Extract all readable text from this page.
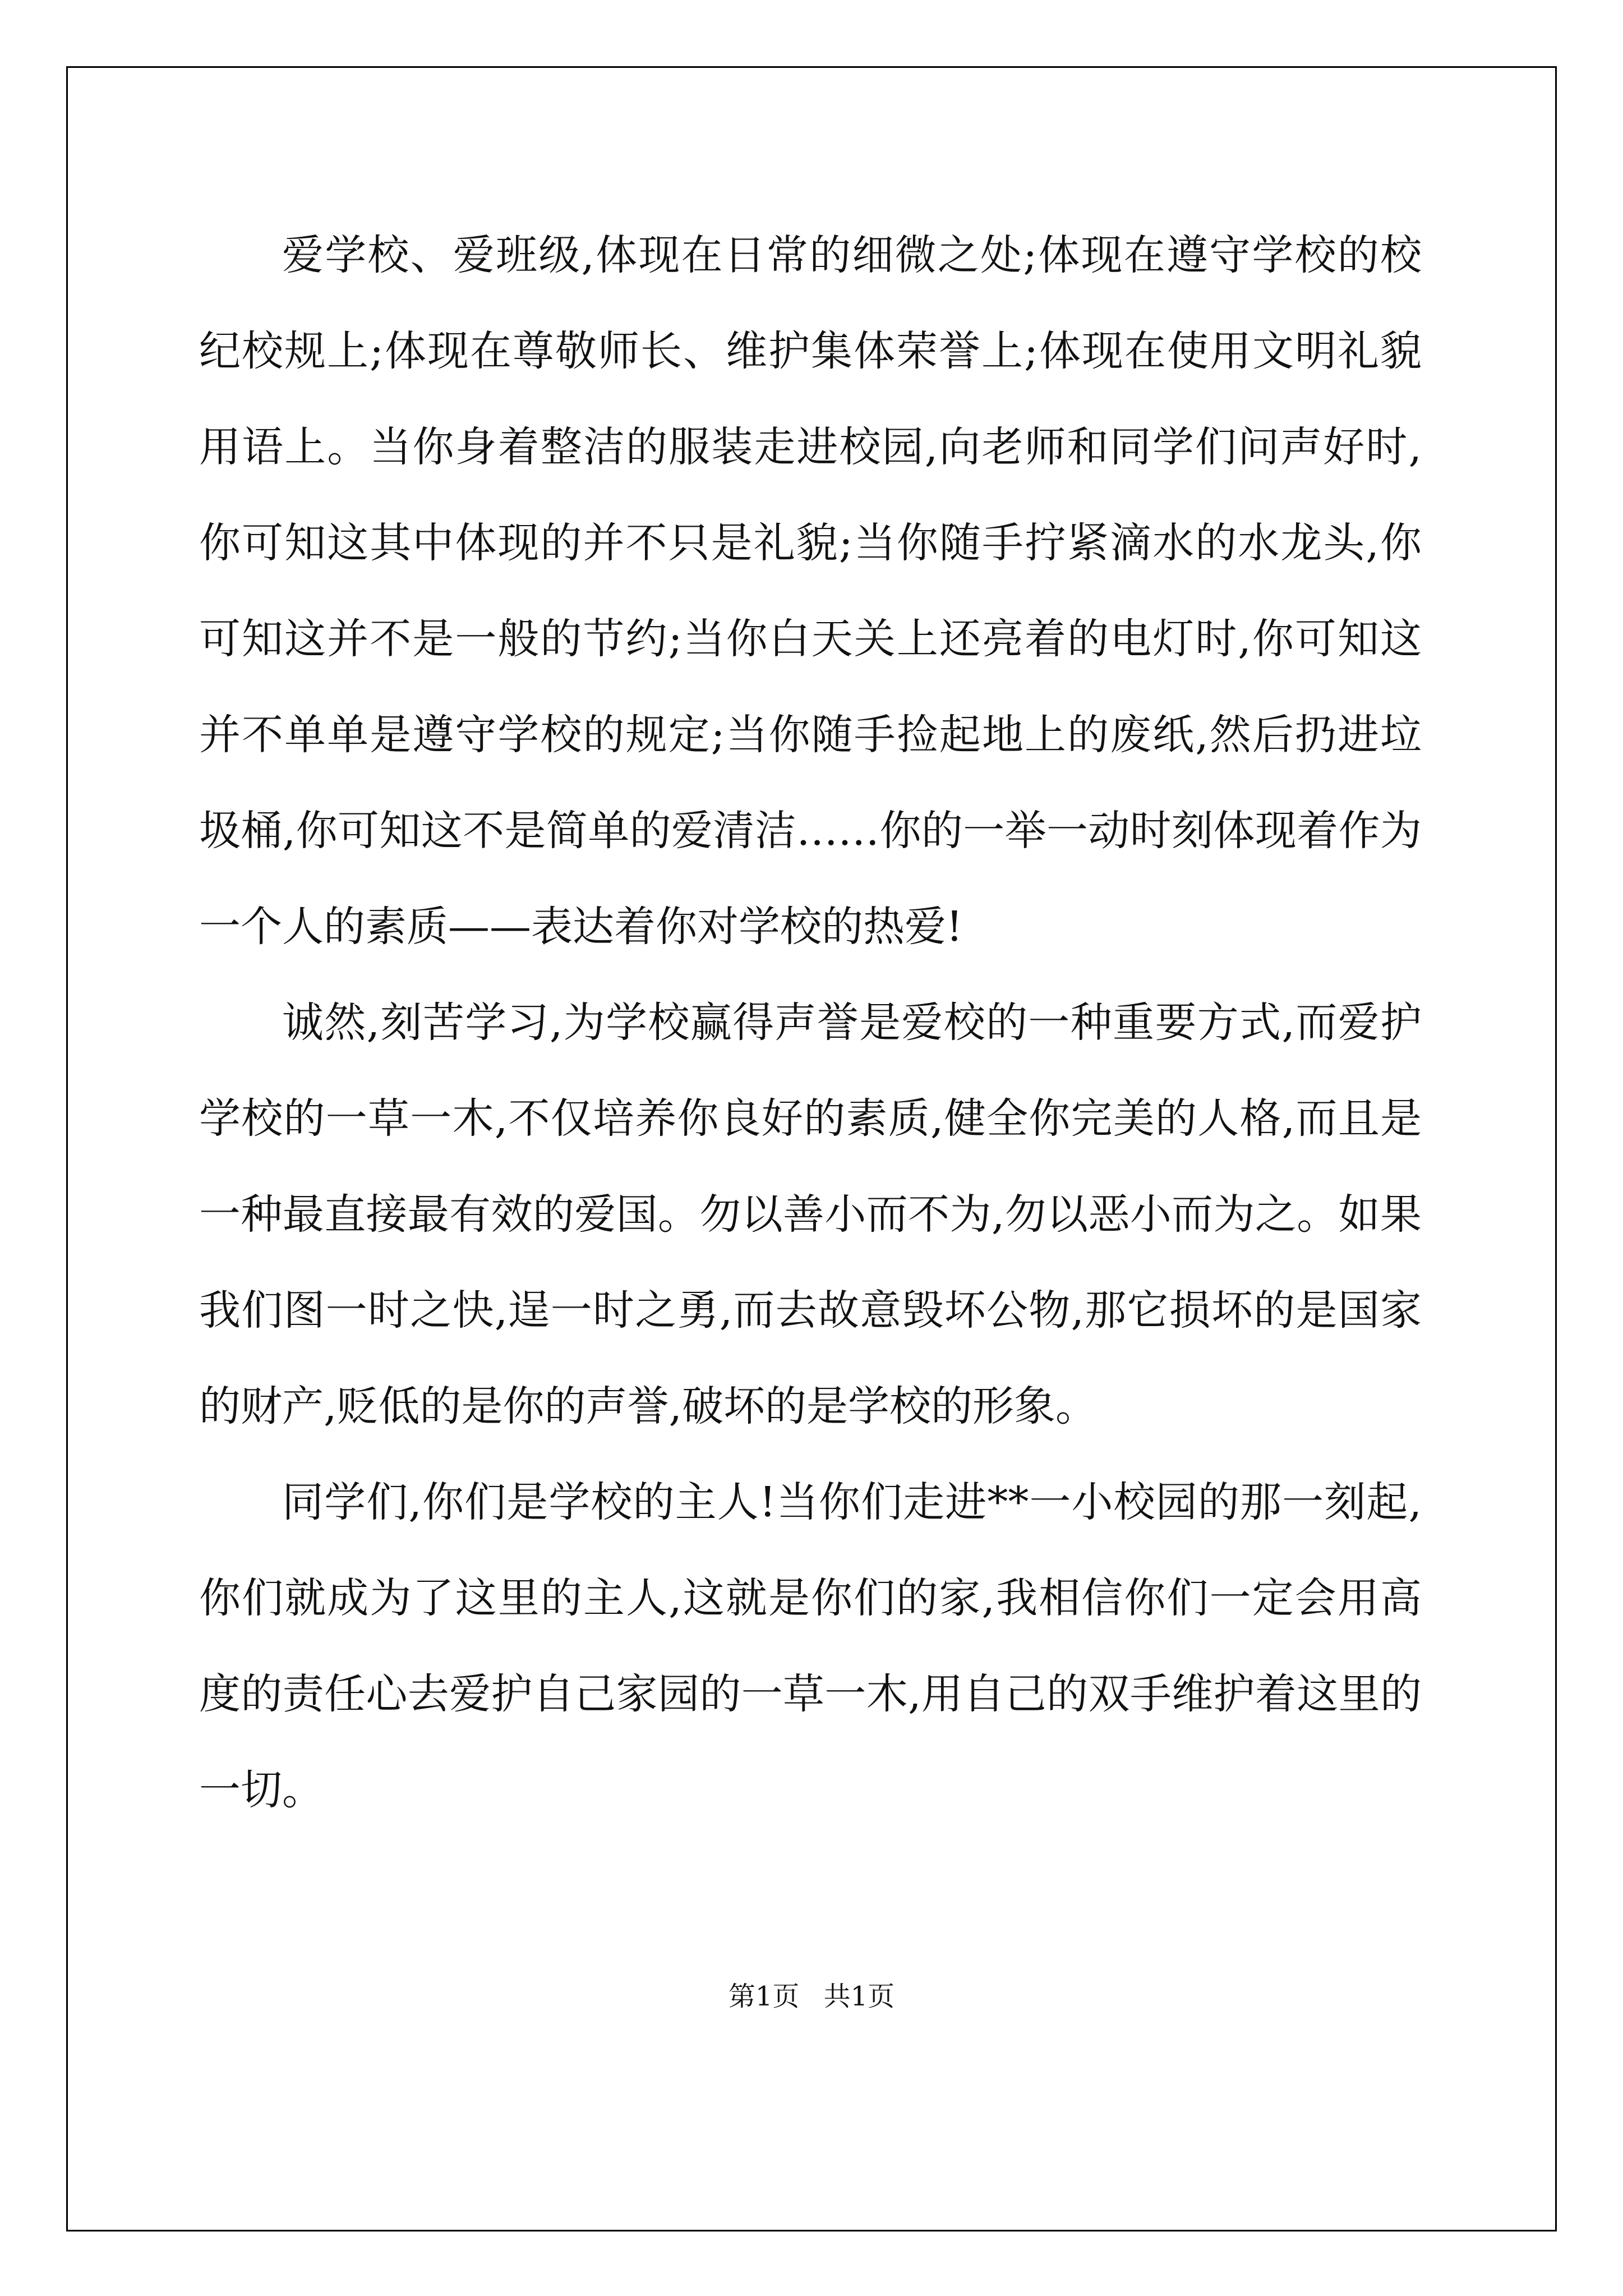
爱学校、爱班级,体现在日常的细微之处;体现在遵守学校的校纪校规上;体现在尊敬师长、维护集体荣誉上;体现在使用文明礼貌用语上。当你身着整洁的服装走进校园,向老师和同学们问声好时,你可知这其中体现的并不只是礼貌;当你随手拧紧滴水的水龙头,你可知这并不是一般的节约;当你白天关上还亮着的电灯时,你可知这并不单单是遵守学校的规定;当你随手捡起地上的废纸,然后扔进垃圾桶,你可知这不是简单的爱清洁……你的一举一动时刻体现着作为一个人的素质——表达着你对学校的热爱!

诚然,刻苦学习,为学校赢得声誉是爱校的一种重要方式,而爱护学校的一草一木,不仅培养你良好的素质,健全你完美的人格,而且是一种最直接最有效的爱国。勿以善小而不为,勿以恶小而为之。如果我们图一时之快,逞一时之勇,而去故意毁坏公物,那它损坏的是国家的财产,贬低的是你的声誉,破坏的是学校的形象。

同学们,你们是学校的主人!当你们走进**一小校园的那一刻起,你们就成为了这里的主人,这就是你们的家,我相信你们一定会用高度的责任心去爱护自己家园的一草一木,用自己的双手维护着这里的一切。

第1页 共1页
